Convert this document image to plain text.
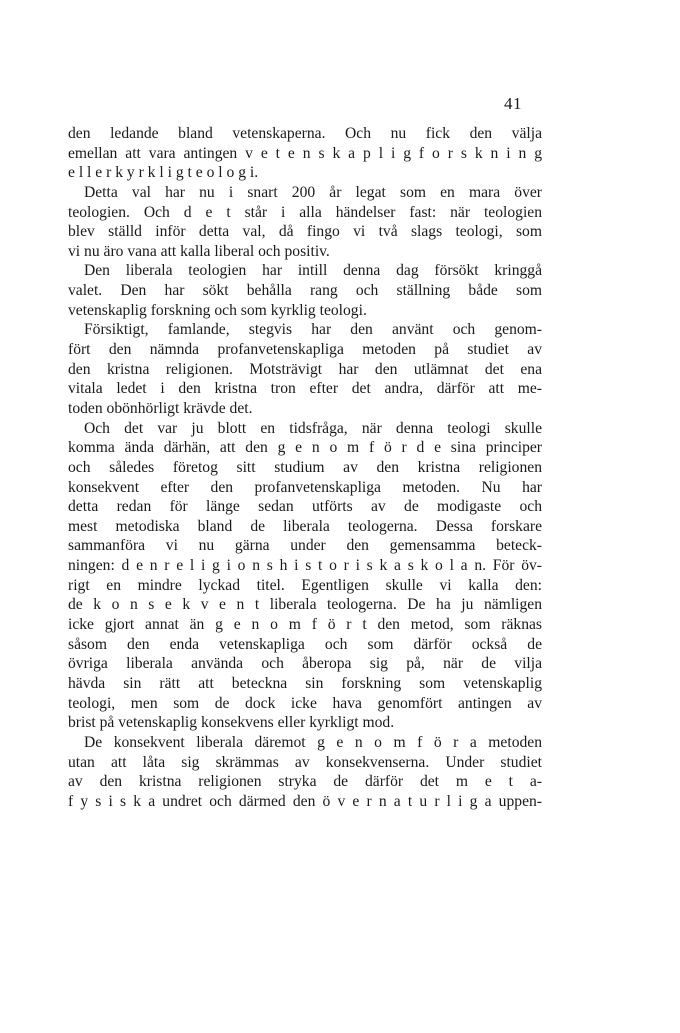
41
den ledande bland vetenskaperna. Och nu fick den välja
emellan att vara antingen v e t e n s k a p l i g f o r s k n i n g
e l l e r k y r k l i g t e o l o g i.
Detta val har nu i snart 200 år legat som en mara över
teologien. Och d e t står i alla händelser fast: när teologien
blev ställd inför detta val, då fingo vi två slags teologi, som
vi nu äro vana att kalla liberal och positiv.
Den liberala teologien har intill denna dag försökt kringgå
valet. Den har sökt behålla rang och ställning både som
vetenskaplig forskning och som kyrklig teologi.
Försiktigt, famlande, stegvis har den använt och genom-
fört den nämnda profanvetenskapliga metoden på studiet av
den kristna religionen. Motsträvigt har den utlämnat det ena
vitala ledet i den kristna tron efter det andra, därför att me-
toden obönhörligt krävde det.
Och det var ju blott en tidsfråga, när denna teologi skulle
komma ända därhän, att den g e n o m f ö r d e sina principer
och således företog sitt studium av den kristna religionen
konsekvent efter den profanvetenskapliga metoden. Nu har
detta redan för länge sedan utförts av de modigaste och
mest metodiska bland de liberala teologerna. Dessa forskare
sammanföra vi nu gärna under den gemensamma beteck-
ningen: d e n r e l i g i o n s h i s t o r i s k a s k o l a n. För öv-
rigt en mindre lyckad titel. Egentligen skulle vi kalla den:
de k o n s e k v e n t liberala teologerna. De ha ju nämligen
icke gjort annat än g e n o m f ö r t den metod, som räknas
såsom den enda vetenskapliga och som därför också de
övriga liberala använda och åberopa sig på, när de vilja
hävda sin rätt att beteckna sin forskning som vetenskaplig
teologi, men som de dock icke hava genomfört antingen av
brist på vetenskaplig konsekvens eller kyrkligt mod.
De konsekvent liberala däremot g e n o m f ö r a metoden
utan att låta sig skrämmas av konsekvenserna. Under studiet
av den kristna religionen stryka de därför det m e t a-
f y s i s k a undret och därmed den ö v e r n a t u r l i g a uppen-
